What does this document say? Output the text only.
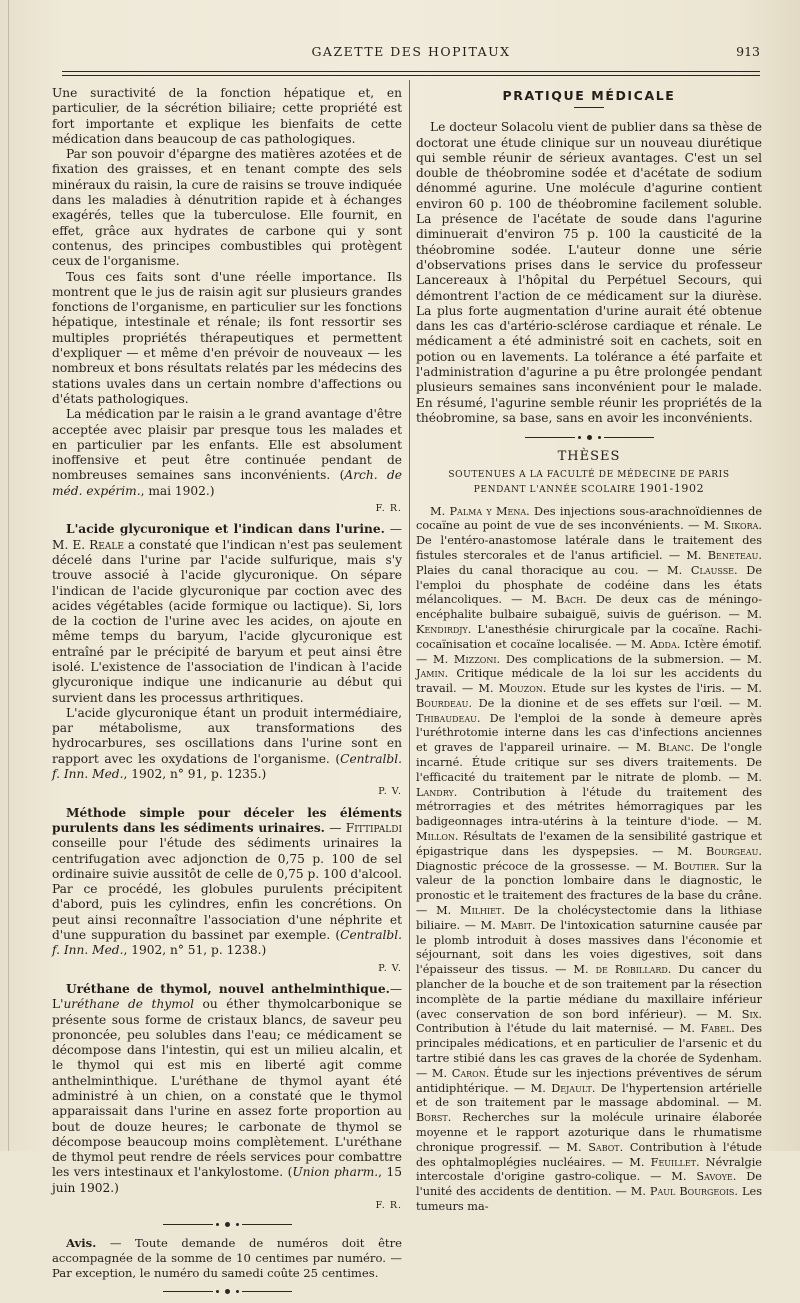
GAZETTE DES HOPITAUX	913

Une suractivité de la fonction hépatique et, en particulier, de la sécrétion biliaire; cette propriété est fort importante et explique les bienfaits de cette médication dans beaucoup de cas pathologiques.

Par son pouvoir d'épargne des matières azotées et de fixation des graisses, et en tenant compte des sels minéraux du raisin, la cure de raisins se trouve indiquée dans les maladies à dénutrition rapide et à échanges exagérés, telles que la tuberculose. Elle fournit, en effet, grâce aux hydrates de carbone qui y sont contenus, des principes combustibles qui protègent ceux de l'organisme.

Tous ces faits sont d'une réelle importance. Ils montrent que le jus de raisin agit sur plusieurs grandes fonctions de l'organisme, en particulier sur les fonctions hépatique, intestinale et rénale; ils font ressortir ses multiples propriétés thérapeutiques et permettent d'expliquer — et même d'en prévoir de nouveaux — les nombreux et bons résultats relatés par les médecins des stations uvales dans un certain nombre d'affections ou d'états pathologiques.

La médication par le raisin a le grand avantage d'être acceptée avec plaisir par presque tous les malades et en particulier par les enfants. Elle est absolument inoffensive et peut être continuée pendant de nombreuses semaines sans inconvénients. (Arch. de méd. expérim., mai 1902.)

F. R.

L'acide glycuronique et l'indican dans l'urine. — M. E. Reale a constaté que l'indican n'est pas seulement décelé dans l'urine par l'acide sulfurique, mais s'y trouve associé à l'acide glycuronique. On sépare l'indican de l'acide glycuronique par coction avec des acides végétables (acide formique ou lactique). Si, lors de la coction de l'urine avec les acides, on ajoute en même temps du baryum, l'acide glycuronique est entraîné par le précipité de baryum et peut ainsi être isolé. L'existence de l'association de l'indican à l'acide glycuronique indique une indicanurie au début qui survient dans les processus arthritiques.

L'acide glycuronique étant un produit intermédiaire, par métabolisme, aux transformations des hydrocarbures, ses oscillations dans l'urine sont en rapport avec les oxydations de l'organisme. (Centralbl. f. Inn. Med., 1902, n° 91, p. 1235.)

P. V.

Méthode simple pour déceler les éléments purulents dans les sédiments urinaires. — Fittipaldi conseille pour l'étude des sédiments urinaires la centrifugation avec adjonction de 0,75 p. 100 de sel ordinaire suivie aussitôt de celle de 0,75 p. 100 d'alcool. Par ce procédé, les globules purulents précipitent d'abord, puis les cylindres, enfin les concrétions. On peut ainsi reconnaître l'association d'une néphrite et d'une suppuration du bassinet par exemple. (Centralbl. f. Inn. Med., 1902, n° 51, p. 1238.)

P. V.

Uréthane de thymol, nouvel anthelminthique.—L'uréthane de thymol ou éther thymolcarbonique se présente sous forme de cristaux blancs, de saveur peu prononcée, peu solubles dans l'eau; ce médicament se décompose dans l'intestin, qui est un milieu alcalin, et le thymol qui est mis en liberté agit comme anthelminthique. L'uréthane de thymol ayant été administré à un chien, on a constaté que le thymol apparaissait dans l'urine en assez forte proportion au bout de douze heures; le carbonate de thymol se décompose beaucoup moins complètement. L'uréthane de thymol peut rendre de réels services pour combattre les vers intestinaux et l'ankylostome. (Union pharm., 15 juin 1902.)

F. R.

Avis. — Toute demande de numéros doit être accompagnée de la somme de 10 centimes par numéro. — Par exception, le numéro du samedi coûte 25 centimes.

PRATIQUE MÉDICALE

Le docteur Solacolu vient de publier dans sa thèse de doctorat une étude clinique sur un nouveau diurétique qui semble réunir de sérieux avantages. C'est un sel double de théobromine sodée et d'acétate de sodium dénommé agurine. Une molécule d'agurine contient environ 60 p. 100 de théobromine facilement soluble. La présence de l'acétate de soude dans l'agurine diminuerait d'environ 75 p. 100 la causticité de la théobromine sodée. L'auteur donne une série d'observations prises dans le service du professeur Lancereaux à l'hôpital du Perpétuel Secours, qui démontrent l'action de ce médicament sur la diurèse. La plus forte augmentation d'urine aurait été obtenue dans les cas d'artério-sclérose cardiaque et rénale. Le médicament a été administré soit en cachets, soit en potion ou en lavements. La tolérance a été parfaite et l'administration d'agurine a pu être prolongée pendant plusieurs semaines sans inconvénient pour le malade. En résumé, l'agurine semble réunir les propriétés de la théobromine, sa base, sans en avoir les inconvénients.

THÈSES
SOUTENUES A LA FACULTÉ DE MÉDECINE DE PARIS
PENDANT L'ANNÉE SCOLAIRE 1901-1902

M. Palma y Mena. Des injections sous-arachnoïdiennes de cocaïne au point de vue de ses inconvénients. — M. Sikora. De l'entéro-anastomose latérale dans le traitement des fistules stercorales et de l'anus artificiel. — M. Beneteau. Plaies du canal thoracique au cou. — M. Clausse. De l'emploi du phosphate de codéine dans les états mélancoliques. — M. Bach. De deux cas de méningo-encéphalite bulbaire subaiguë, suivis de guérison. — M. Kendirdjy. L'anesthésie chirurgicale par la cocaïne. Rachi-cocaïnisation et cocaïne localisée. — M. Adda. Ictère émotif. — M. Mizzoni. Des complications de la submersion. — M. Jamin. Critique médicale de la loi sur les accidents du travail. — M. Mouzon. Etude sur les kystes de l'iris. — M. Bourdeau. De la dionine et de ses effets sur l'œil. — M. Thibaudeau. De l'emploi de la sonde à demeure après l'uréthrotomie interne dans les cas d'infections anciennes et graves de l'appareil urinaire. — M. Blanc. De l'ongle incarné. Étude critique sur ses divers traitements. De l'efficacité du traitement par le nitrate de plomb. — M. Landry. Contribution à l'étude du traitement des métrorragies et des métrites hémorragiques par les badigeonnages intra-utérins à la teinture d'iode. — M. Millon. Résultats de l'examen de la sensibilité gastrique et épigastrique dans les dyspepsies. — M. Bourgeau. Diagnostic précoce de la grossesse. — M. Boutier. Sur la valeur de la ponction lombaire dans le diagnostic, le pronostic et le traitement des fractures de la base du crâne. — M. Milhiet. De la cholécystectomie dans la lithiase biliaire. — M. Mabit. De l'intoxication saturnine causée par le plomb introduit à doses massives dans l'économie et séjournant, soit dans les voies digestives, soit dans l'épaisseur des tissus. — M. de Robillard. Du cancer du plancher de la bouche et de son traitement par la résection incomplète de la partie médiane du maxillaire inférieur (avec conservation de son bord inférieur). — M. Six. Contribution à l'étude du lait maternisé. — M. Fabel. Des principales médications, et en particulier de l'arsenic et du tartre stibié dans les cas graves de la chorée de Sydenham. — M. Caron. Étude sur les injections préventives de sérum antidiphtérique. — M. Dejault. De l'hypertension artérielle et de son traitement par le massage abdominal. — M. Borst. Recherches sur la molécule urinaire élaborée moyenne et le rapport azoturique dans le rhumatisme chronique progressif. — M. Sabot. Contribution à l'étude des ophtalmoplégies nucléaires. — M. Feuillet. Névralgie intercostale d'origine gastro-colique. — M. Savoye. De l'unité des accidents de dentition. — M. Paul Bourgeois. Les tumeurs ma-
